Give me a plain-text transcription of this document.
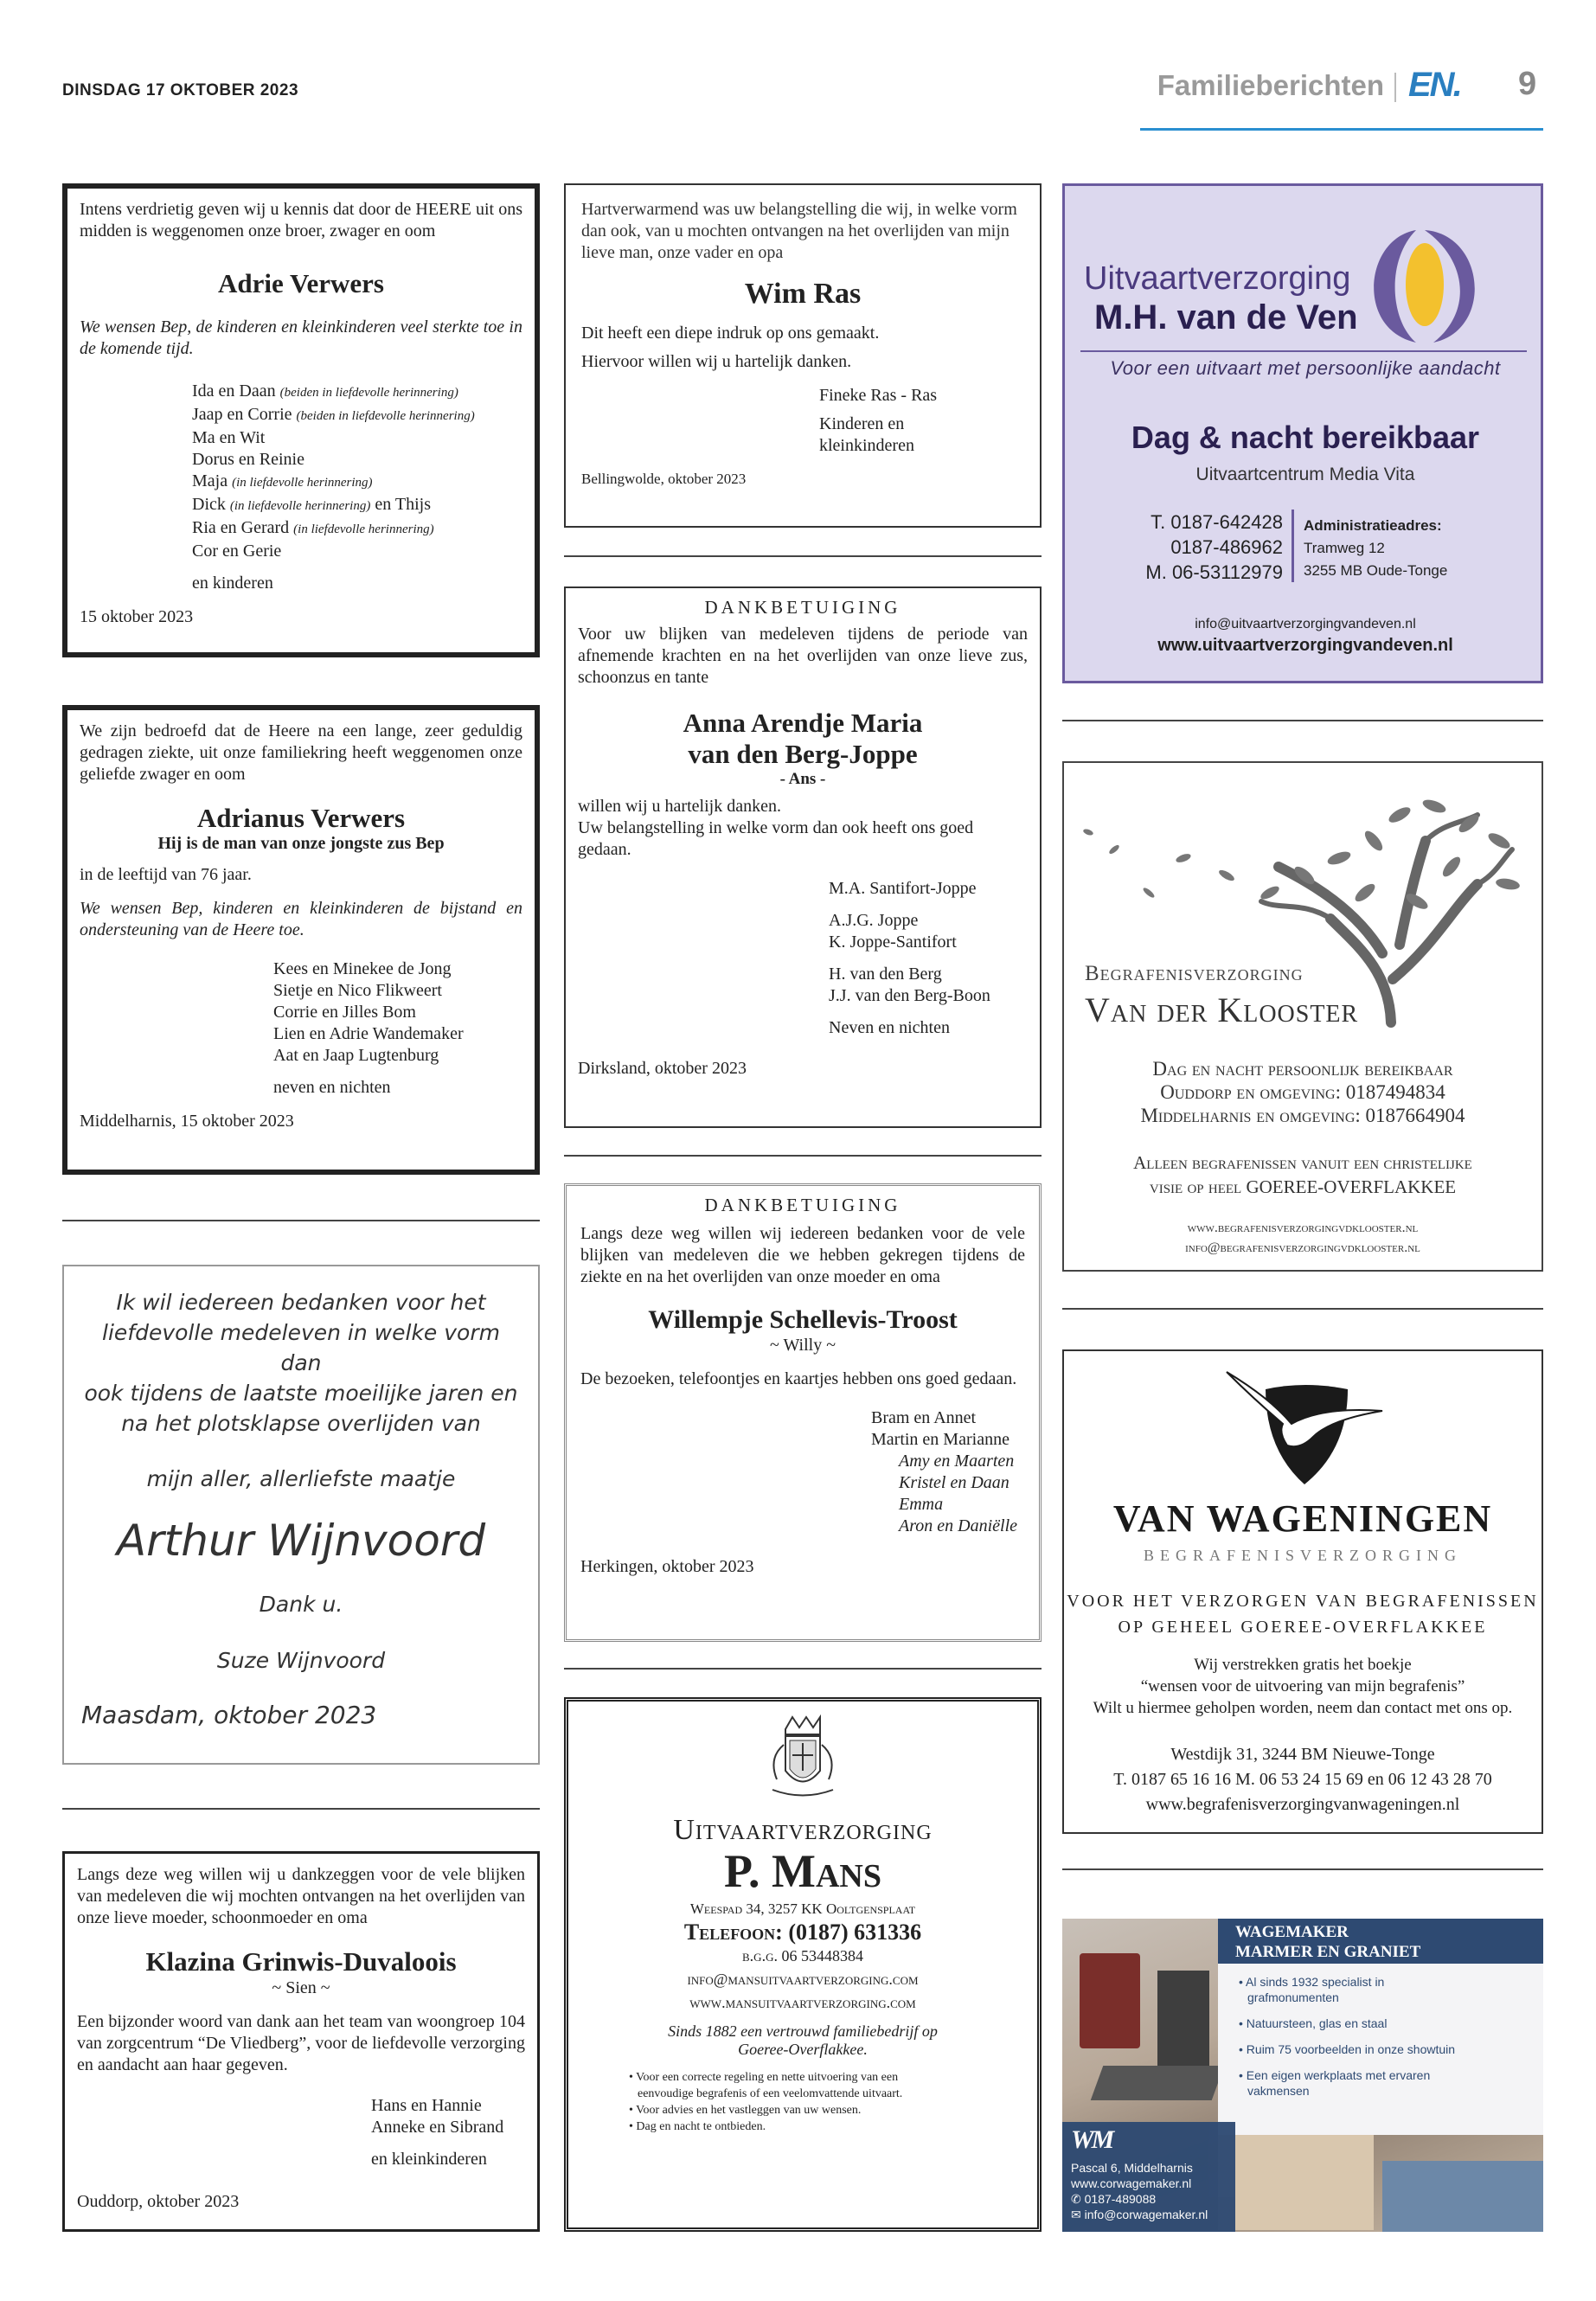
DINSDAG 17 OKTOBER 2023	Familieberichten EN. 9
Intens verdrietig geven wij u kennis dat door de HEERE uit ons midden is weggenomen onze broer, zwager en oom
Adrie Verwers
We wensen Bep, de kinderen en kleinkinderen veel sterkte toe in de komende tijd.
Ida en Daan (beiden in liefdevolle herinnering)
Jaap en Corrie (beiden in liefdevolle herinnering)
Ma en Wit
Dorus en Reinie
Maja (in liefdevolle herinnering)
Dick (in liefdevolle herinnering) en Thijs
Ria en Gerard (in liefdevolle herinnering)
Cor en Gerie
en kinderen
15 oktober 2023
We zijn bedroefd dat de Heere na een lange, zeer geduldig gedragen ziekte, uit onze familiekring heeft weggenomen onze geliefde zwager en oom
Adrianus Verwers
Hij is de man van onze jongste zus Bep
in de leeftijd van 76 jaar.
We wensen Bep, kinderen en kleinkinderen de bijstand en ondersteuning van de Heere toe.
Kees en Minekee de Jong
Sietje en Nico Flikweert
Corrie en Jilles Bom
Lien en Adrie Wandemaker
Aat en Jaap Lugtenburg
neven en nichten
Middelharnis, 15 oktober 2023
Ik wil iedereen bedanken voor het
liefdevolle medeleven in welke vorm dan
ook tijdens de laatste moeilijke jaren en
na het plotsklapse overlijden van
mijn aller, allerliefste maatje
Arthur Wijnvoord
Dank u.
Suze Wijnvoord
Maasdam, oktober 2023
Langs deze weg willen wij u dankzeggen voor de vele blijken van medeleven die wij mochten ontvangen na het overlijden van onze lieve moeder, schoonmoeder en oma
Klazina Grinwis-Duvaloois
~ Sien ~
Een bijzonder woord van dank aan het team van woongroep 104 van zorgcentrum “De Vliedberg”, voor de liefdevolle verzorging en aandacht aan haar gegeven.
Hans en Hannie
Anneke en Sibrand
en kleinkinderen
Ouddorp, oktober 2023
Hartverwarmend was uw belangstelling die wij, in welke vorm dan ook, van u mochten ontvangen na het overlijden van mijn lieve man, onze vader en opa
Wim Ras
Dit heeft een diepe indruk op ons gemaakt.
Hiervoor willen wij u hartelijk danken.
Fineke Ras - Ras
Kinderen en
kleinkinderen
Bellingwolde, oktober 2023
DANKBETUIGING
Voor uw blijken van medeleven tijdens de periode van afnemende krachten en na het overlijden van onze lieve zus, schoonzus en tante
Anna Arendje Maria
van den Berg-Joppe
- Ans -
willen wij u hartelijk danken.
Uw belangstelling in welke vorm dan ook heeft ons goed gedaan.
M.A. Santifort-Joppe
A.J.G. Joppe
K. Joppe-Santifort
H. van den Berg
J.J. van den Berg-Boon
Neven en nichten
Dirksland, oktober 2023
DANKBETUIGING
Langs deze weg willen wij iedereen bedanken voor de vele blijken van medeleven die we hebben gekregen tijdens de ziekte en na het overlijden van onze moeder en oma
Willempje Schellevis-Troost
~ Willy ~
De bezoeken, telefoontjes en kaartjes hebben ons goed gedaan.
Bram en Annet
Martin en Marianne
Amy en Maarten
Kristel en Daan
Emma
Aron en Daniëlle
Herkingen, oktober 2023
Uitvaartverzorging
P. Mans
Weespad 34, 3257 KK Ooltgensplaat
Telefoon: (0187) 631336
b.g.g. 06 53448384
info@mansuitvaartverzorging.com
www.mansuitvaartverzorging.com
Sinds 1882 een vertrouwd familiebedrijf op
Goeree-Overflakkee.
• Voor een correcte regeling en nette uitvoering van een
eenvoudige begrafenis of een veelomvattende uitvaart.
• Voor advies en het vastleggen van uw wensen.
• Dag en nacht te ontbieden.
Uitvaartverzorging
M.H. van de Ven
Voor een uitvaart met persoonlijke aandacht
Dag & nacht bereikbaar
Uitvaartcentrum Media Vita
T. 0187-642428
0187-486962
M. 06-53112979
Administratieadres:
Tramweg 12
3255 MB Oude-Tonge
info@uitvaartverzorgingvandeven.nl
www.uitvaartverzorgingvandeven.nl
Begrafenisverzorging
Van der Klooster
Dag en nacht persoonlijk bereikbaar
Ouddorp en omgeving: 0187494834
Middelharnis en omgeving: 0187664904
Alleen begrafenissen vanuit een christelijke
visie op heel GOEREE-OVERFLAKKEE
www.begrafenisverzorgingvdklooster.nl
info@begrafenisverzorgingvdklooster.nl
VAN WAGENINGEN
BEGRAFENISVERZORGING
VOOR HET VERZORGEN VAN BEGRAFENISSEN
OP GEHEEL GOEREE-OVERFLAKKEE
Wij verstrekken gratis het boekje
“wensen voor de uitvoering van mijn begrafenis”
Wilt u hiermee geholpen worden, neem dan contact met ons op.
Westdijk 31, 3244 BM Nieuwe-Tonge
T. 0187 65 16 16 M. 06 53 24 15 69 en 06 12 43 28 70
www.begrafenisverzorgingvanwageningen.nl
WAGEMAKER
MARMER EN GRANIET
• Al sinds 1932 specialist in
grafmonumenten
• Natuursteen, glas en staal
• Ruim 75 voorbeelden in onze showtuin
• Een eigen werkplaats met ervaren
vakmensen
WM
Pascal 6, Middelharnis
www.corwagemaker.nl
✆ 0187-489088
✉ info@corwagemaker.nl
